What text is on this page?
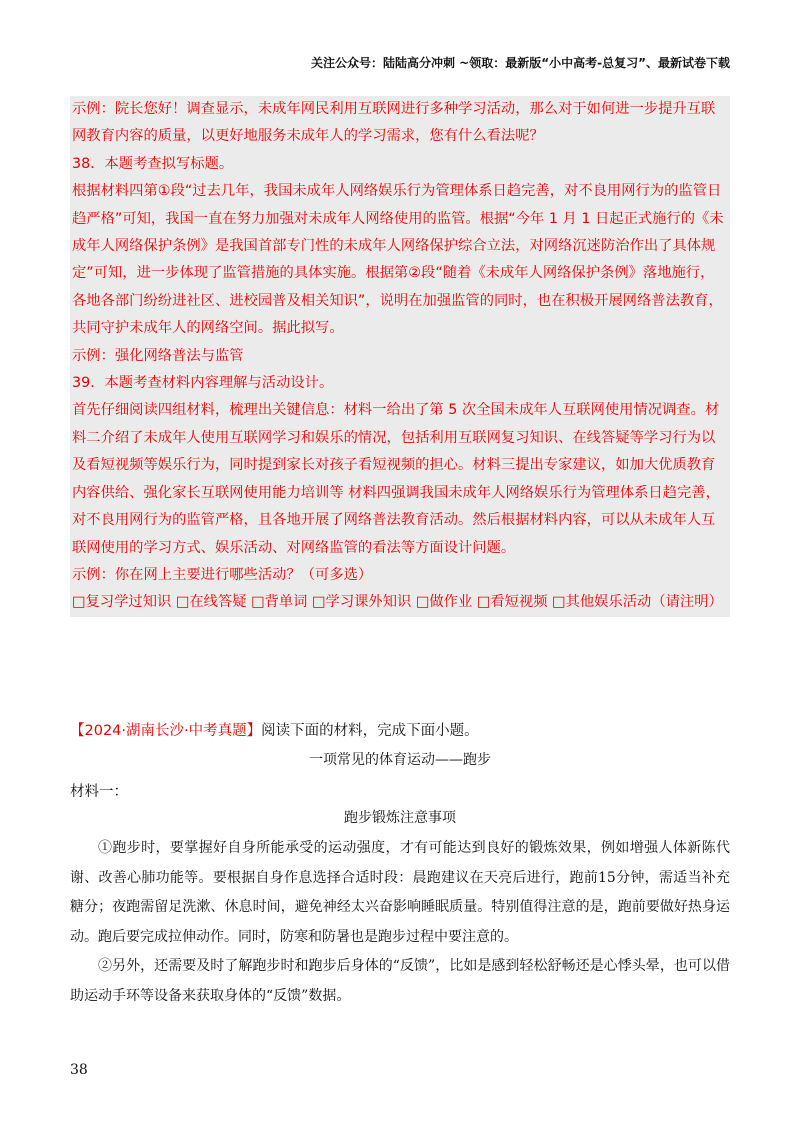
关注公众号：陆陆高分冲刺 ~领取：最新版“小中高考-总复习”、最新试卷下载

示例：院长您好！调查显示，未成年网民利用互联网进行多种学习活动，那么对于如何进一步提升互联网教育内容的质量，以更好地服务未成年人的学习需求，您有什么看法呢？

38．本题考查拟写标题。

根据材料四第①段“过去几年，我国未成年人网络娱乐行为管理体系日趋完善，对不良用网行为的监管日趋严格”可知，我国一直在努力加强对未成年人网络使用的监管。根据“今年 1 月 1 日起正式施行的《未成年人网络保护条例》是我国首部专门性的未成年人网络保护综合立法，对网络沉迷防治作出了具体规定”可知，进一步体现了监管措施的具体实施。根据第②段“随着《未成年人网络保护条例》落地施行，各地各部门纷纷进社区、进校园普及相关知识”，说明在加强监管的同时，也在积极开展网络普法教育，共同守护未成年人的网络空间。据此拟写。

示例：强化网络普法与监管

39．本题考查材料内容理解与活动设计。

首先仔细阅读四组材料，梳理出关键信息：材料一给出了第 5 次全国未成年人互联网使用情况调查。材料二介绍了未成年人使用互联网学习和娱乐的情况，包括利用互联网复习知识、在线答疑等学习行为以及看短视频等娱乐行为，同时提到家长对孩子看短视频的担心。材料三提出专家建议，如加大优质教育内容供给、强化家长互联网使用能力培训等 材料四强调我国未成年人网络娱乐行为管理体系日趋完善，对不良用网行为的监管严格，且各地开展了网络普法教育活动。然后根据材料内容，可以从未成年人互联网使用的学习方式、娱乐活动、对网络监管的看法等方面设计问题。

示例：你在网上主要进行哪些活动？（可多选）

□复习学过知识 □在线答疑 □背单词 □学习课外知识 □做作业 □看短视频 □其他娱乐活动（请注明）

【2024·湖南长沙·中考真题】阅读下面的材料，完成下面小题。
一项常见的体育运动——跑步
材料一：
跑步锻炼注意事项

①跑步时，要掌握好自身所能承受的运动强度，才有可能达到良好的锻炼效果，例如增强人体新陈代谢、改善心肺功能等。要根据自身作息选择合适时段：晨跑建议在天亮后进行，跑前15分钟，需适当补充糖分；夜跑需留足洗漱、休息时间，避免神经太兴奋影响睡眠质量。特别值得注意的是，跑前要做好热身运动。跑后要完成拉伸动作。同时，防寒和防暑也是跑步过程中要注意的。

②另外，还需要及时了解跑步时和跑步后身体的“反馈”，比如是感到轻松舒畅还是心悸头晕，也可以借助运动手环等设备来获取身体的“反馈”数据。

38
